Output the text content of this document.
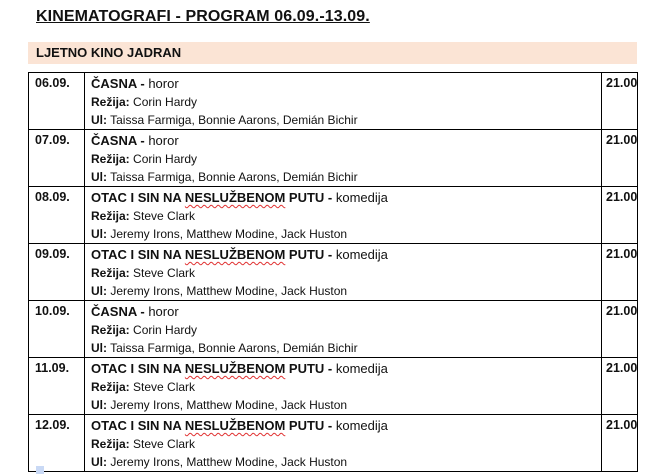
KINEMATOGRAFI - PROGRAM 06.09.-13.09.
LJETNO KINO JADRAN
06.09.	ČASNA - horor
Režija: Corin Hardy
Ul: Taissa Farmiga, Bonnie Aarons, Demián Bichir	21.00

07.09.	ČASNA - horor
Režija: Corin Hardy
Ul: Taissa Farmiga, Bonnie Aarons, Demián Bichir	21.00

08.09.	OTAC I SIN NA NESLUŽBENOM PUTU - komedija
Režija: Steve Clark
Ul: Jeremy Irons, Matthew Modine, Jack Huston	21.00

09.09.	OTAC I SIN NA NESLUŽBENOM PUTU - komedija
Režija: Steve Clark
Ul: Jeremy Irons, Matthew Modine, Jack Huston	21.00

10.09.	ČASNA - horor
Režija: Corin Hardy
Ul: Taissa Farmiga, Bonnie Aarons, Demián Bichir	21.00

11.09.	OTAC I SIN NA NESLUŽBENOM PUTU - komedija
Režija: Steve Clark
Ul: Jeremy Irons, Matthew Modine, Jack Huston	21.00

12.09.	OTAC I SIN NA NESLUŽBENOM PUTU - komedija
Režija: Steve Clark
Ul: Jeremy Irons, Matthew Modine, Jack Huston	21.00
